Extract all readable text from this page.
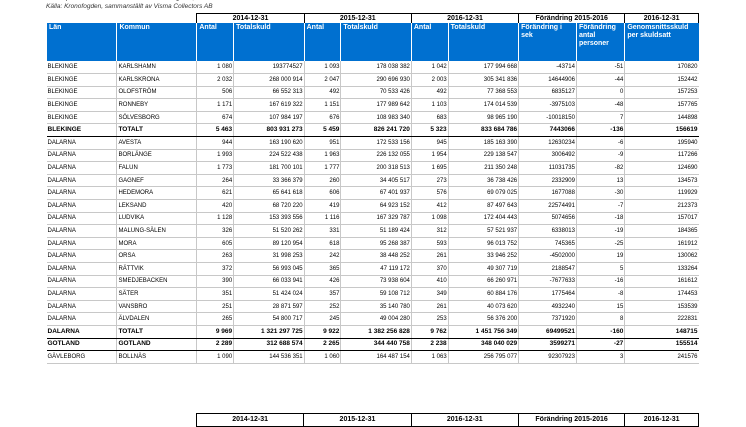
Källa: Kronofogden, sammanställt av Visma Collectors AB
		2014-12-31		2015-12-31		2016-12-31		Förändring 2015-2016		2016-12-31
Län	Kommun	Antal	Totalskuld	Antal	Totalskuld	Antal	Totalskuld	Förändring i sek	Förändring antal personer	Genomsnittsskuld per skuldsatt
BLEKINGE	KARLSHAMN	1 080	193774527	1 093	178 038 382	1 042	177 994 668	-43714	-51	170820
BLEKINGE	KARLSKRONA	2 032	268 000 914	2 047	290 696 930	2 003	305 341 836	14644906	-44	152442
BLEKINGE	OLOFSTRÖM	506	66 552 313	492	70 533 426	492	77 368 553	6835127	0	157253
BLEKINGE	RONNEBY	1 171	167 619 322	1 151	177 989 642	1 103	174 014 539	-3975103	-48	157765
BLEKINGE	SÖLVESBORG	674	107 984 197	676	108 983 340	683	98 965 190	-10018150	7	144898
BLEKINGE	TOTALT	5 463	803 931 273	5 459	826 241 720	5 323	833 684 786	7443066	-136	156619
DALARNA	AVESTA	944	163 190 620	951	172 533 156	945	185 163 390	12630234	-6	195940
DALARNA	BORLÄNGE	1 993	224 522 438	1 963	226 132 055	1 954	229 138 547	3006492	-9	117266
DALARNA	FALUN	1 773	181 700 101	1 777	200 318 513	1 695	211 350 248	11031735	-82	124690
DALARNA	GAGNEF	264	33 366 379	260	34 405 517	273	36 738 426	2332909	13	134573
DALARNA	HEDEMORA	621	65 641 618	606	67 401 937	576	69 079 025	1677088	-30	119929
DALARNA	LEKSAND	420	68 720 220	419	64 923 152	412	87 497 643	22574491	-7	212373
DALARNA	LUDVIKA	1 128	153 393 556	1 116	167 329 787	1 098	172 404 443	5074656	-18	157017
DALARNA	MALUNG-SÄLEN	326	51 520 262	331	51 189 424	312	57 521 937	6338013	-19	184365
DALARNA	MORA	605	89 120 954	618	95 268 387	593	96 013 752	745365	-25	161912
DALARNA	ORSA	263	31 998 253	242	38 448 252	261	33 946 252	-4502000	19	130062
DALARNA	RÄTTVIK	372	56 993 045	365	47 119 172	370	49 307 719	2188547	5	133264
DALARNA	SMEDJEBACKEN	390	66 033 941	426	73 938 604	410	66 260 971	-7677633	-16	161612
DALARNA	SÄTER	351	51 424 024	357	59 108 712	349	60 884 176	1775464	-8	174453
DALARNA	VANSBRO	251	28 871 597	252	35 140 780	261	40 073 620	4932240	15	153539
DALARNA	ÄLVDALEN	265	54 800 717	245	49 004 280	253	56 376 200	7371920	8	222831
DALARNA	TOTALT	9 969	1 321 297 725	9 922	1 382 256 828	9 762	1 451 756 349	69499521	-160	148715
GOTLAND	GOTLAND	2 289	312 688 574	2 265	344 440 758	2 238	348 040 029	3599271	-27	155514
GÄVLEBORG	BOLLNÄS	1 090	144 536 351	1 060	164 487 154	1 063	256 795 077	92307923	3	241576
	2014-12-31	2015-12-31	2016-12-31	Förändring 2015-2016	2016-12-31
